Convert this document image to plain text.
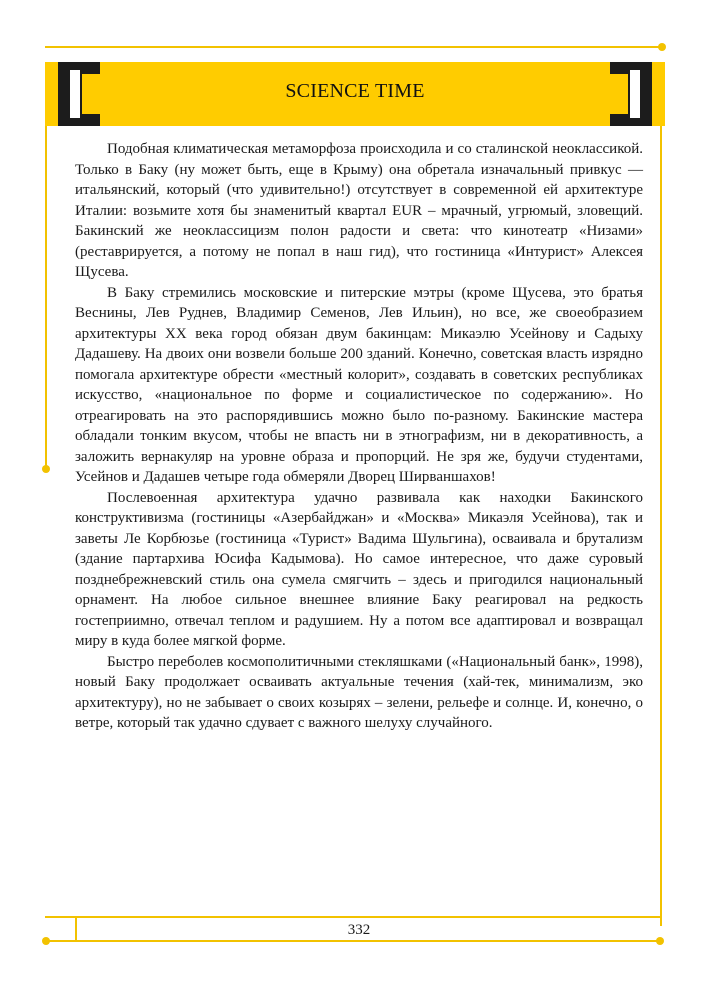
SCIENCE TIME

Подобная климатическая метаморфоза происходила и со сталинской неоклассикой. Только в Баку (ну может быть, еще в Крыму) она обретала изначальный привкус — итальянский, который (что удивительно!) отсутствует в современной ей архитектуре Италии: возьмите хотя бы знаменитый квартал EUR – мрачный, угрюмый, зловещий. Бакинский же неоклассицизм полон радости и света: что кинотеатр «Низами» (реставрируется, а потому не попал в наш гид), что гостиница «Интурист» Алексея Щусева.

В Баку стремились московские и питерские мэтры (кроме Щусева, это братья Веснины, Лев Руднев, Владимир Семенов, Лев Ильин), но все, же своеобразием архитектуры XX века город обязан двум бакинцам: Микаэлю Усейнову и Садыху Дадашеву. На двоих они возвели больше 200 зданий. Конечно, советская власть изрядно помогала архитектуре обрести «местный колорит», создавать в советских республиках искусство, «национальное по форме и социалистическое по содержанию». Но отреагировать на это распорядившись можно было по-разному. Бакинские мастера обладали тонким вкусом, чтобы не впасть ни в этнографизм, ни в декоративность, а заложить вернакуляр на уровне образа и пропорций. Не зря же, будучи студентами, Усейнов и Дадашев четыре года обмеряли Дворец Ширваншахов!

Послевоенная архитектура удачно развивала как находки Бакинского конструктивизма (гостиницы «Азербайджан» и «Москва» Микаэля Усейнова), так и заветы Ле Корбюзье (гостиница «Турист» Вадима Шульгина), осваивала и брутализм (здание партархива Юсифа Кадымова). Но самое интересное, что даже суровый позднебрежневский стиль она сумела смягчить – здесь и пригодился национальный орнамент. На любое сильное внешнее влияние Баку реагировал на редкость гостеприимно, отвечал теплом и радушием. Ну а потом все адаптировал и возвращал миру в куда более мягкой форме.

Быстро переболев космополитичными стекляшками («Национальный банк», 1998), новый Баку продолжает осваивать актуальные течения (хай-тек, минимализм, эко архитектуру), но не забывает о своих козырях – зелени, рельефе и солнце. И, конечно, о ветре, который так удачно сдувает с важного шелуху случайного.

332
